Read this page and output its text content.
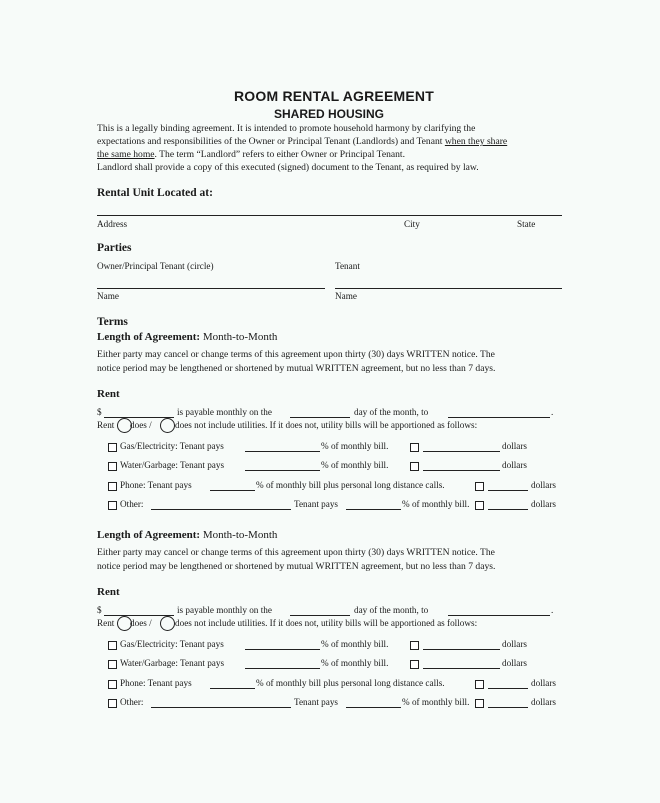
ROOM RENTAL AGREEMENT
SHARED HOUSING
This is a legally binding agreement. It is intended to promote household harmony by clarifying the
expectations and responsibilities of the Owner or Principal Tenant (Landlords) and Tenant when they share
the same home. The term “Landlord” refers to either Owner or Principal Tenant.
Landlord shall provide a copy of this executed (signed) document to the Tenant, as required by law.
Rental Unit Located at:
Address	City	State
Parties
Owner/Principal Tenant (circle)	Tenant
Name	Name
Terms
Length of Agreement: Month-to-Month
Either party may cancel or change terms of this agreement upon thirty (30) days WRITTEN notice. The
notice period may be lengthened or shortened by mutual WRITTEN agreement, but no less than 7 days.
Rent
$	is payable monthly on the	day of the month, to	.
Rent does /	does not include utilities. If it does not, utility bills will be apportioned as follows:
Gas/Electricity: Tenant pays	% of monthly bill.	dollars
Water/Garbage: Tenant pays	% of monthly bill.	dollars
Phone: Tenant pays	% of monthly bill plus personal long distance calls.	dollars
Other:	Tenant pays	% of monthly bill.	dollars
Length of Agreement: Month-to-Month
Either party may cancel or change terms of this agreement upon thirty (30) days WRITTEN notice. The
notice period may be lengthened or shortened by mutual WRITTEN agreement, but no less than 7 days.
Rent
$	is payable monthly on the	day of the month, to	.
Rent does /	does not include utilities. If it does not, utility bills will be apportioned as follows:
Gas/Electricity: Tenant pays	% of monthly bill.	dollars
Water/Garbage: Tenant pays	% of monthly bill.	dollars
Phone: Tenant pays	% of monthly bill plus personal long distance calls.	dollars
Other:	Tenant pays	% of monthly bill.	dollars
